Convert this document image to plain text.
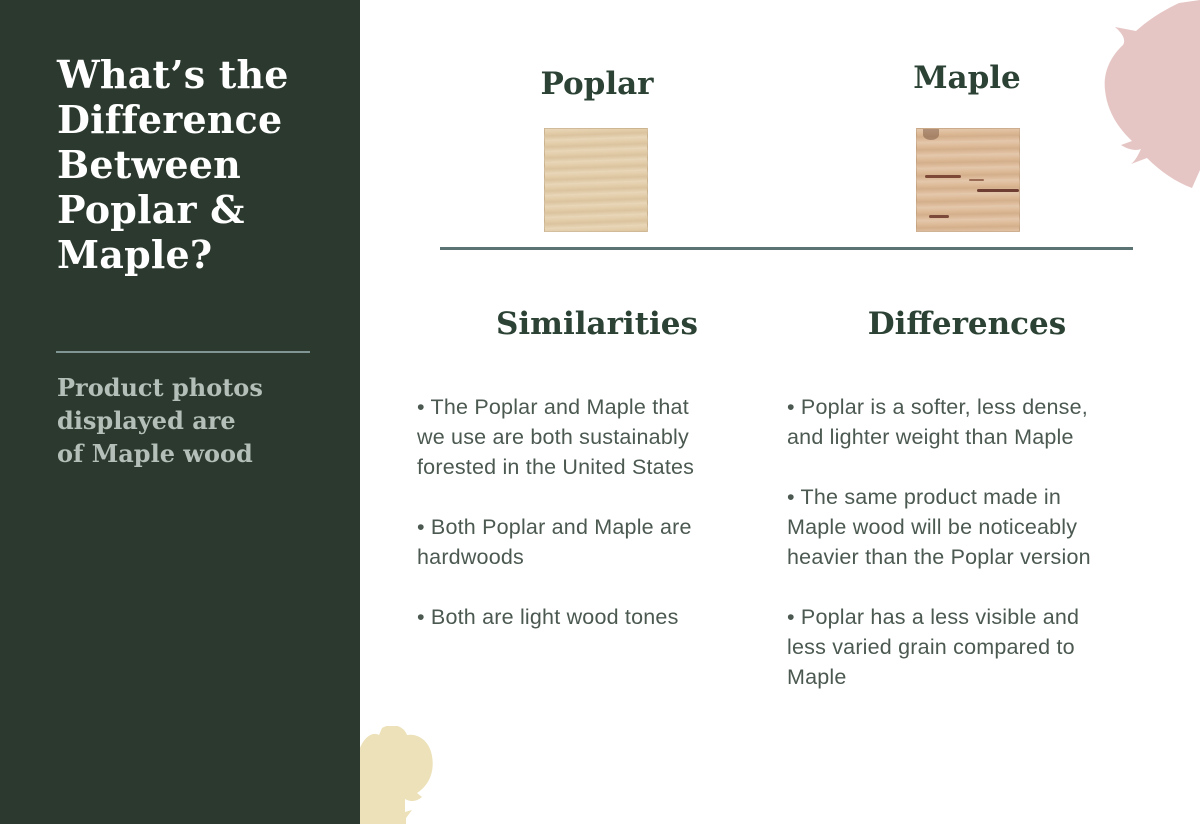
What’s the Difference Between Poplar & Maple?
Product photos displayed are of Maple wood
Poplar	Maple
Similarities	Differences

• The Poplar and Maple that we use are both sustainably forested in the United States

• Both Poplar and Maple are hardwoods

• Both are light wood tones

• Poplar is a softer, less dense, and lighter weight than Maple

• The same product made in Maple wood will be noticeably heavier than the Poplar version

• Poplar has a less visible and less varied grain compared to Maple
